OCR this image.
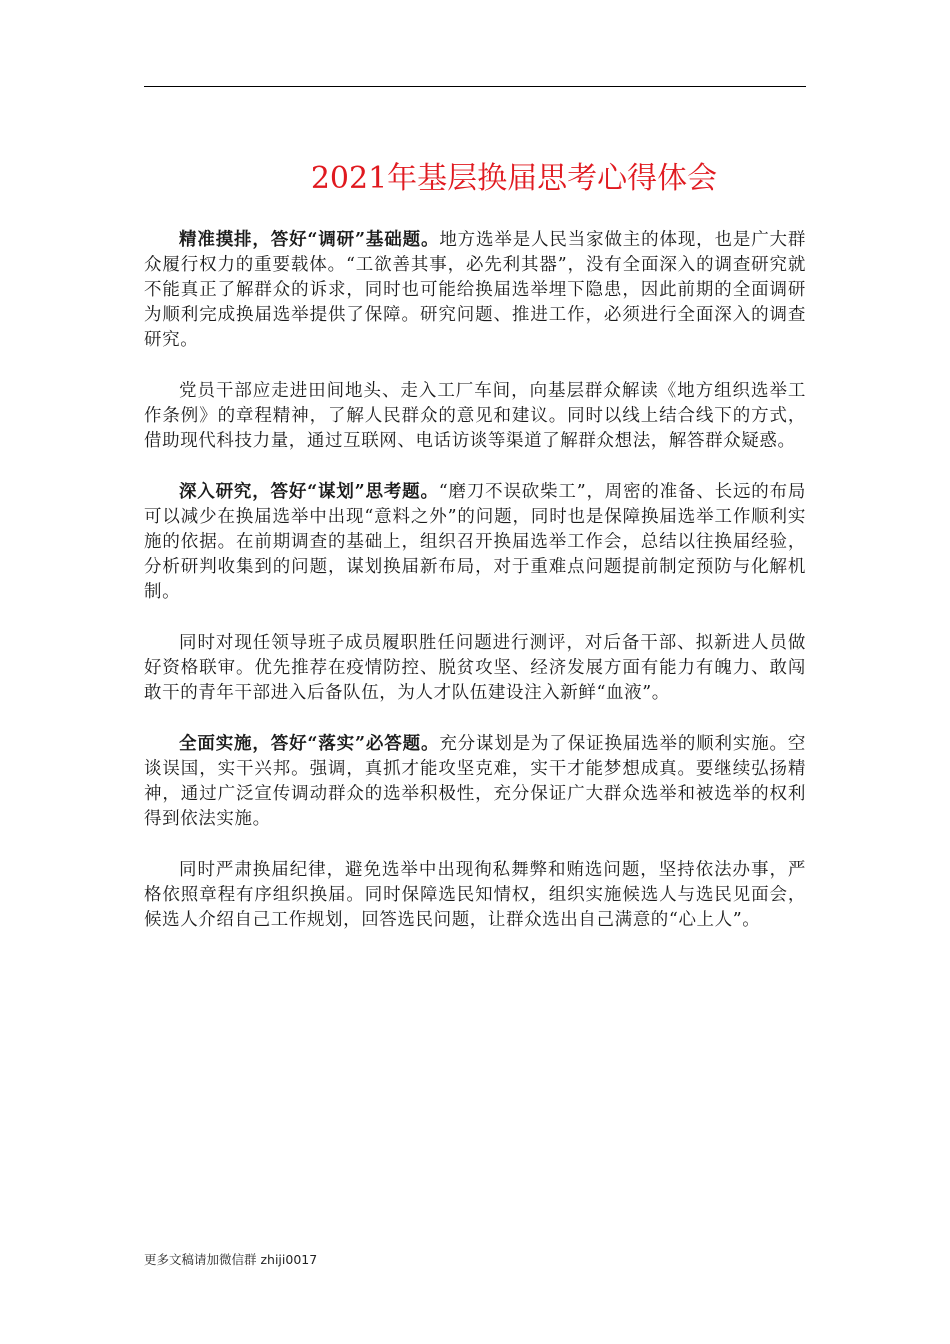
2021年基层换届思考心得体会

精准摸排，答好“调研”基础题。地方选举是人民当家做主的体现，也是广大群众履行权力的重要载体。“工欲善其事，必先利其器”，没有全面深入的调查研究就不能真正了解群众的诉求，同时也可能给换届选举埋下隐患，因此前期的全面调研为顺利完成换届选举提供了保障。研究问题、推进工作，必须进行全面深入的调查研究。

党员干部应走进田间地头、走入工厂车间，向基层群众解读《地方组织选举工作条例》的章程精神，了解人民群众的意见和建议。同时以线上结合线下的方式，借助现代科技力量，通过互联网、电话访谈等渠道了解群众想法，解答群众疑惑。

深入研究，答好“谋划”思考题。“磨刀不误砍柴工”，周密的准备、长远的布局可以减少在换届选举中出现“意料之外”的问题，同时也是保障换届选举工作顺利实施的依据。在前期调查的基础上，组织召开换届选举工作会，总结以往换届经验，分析研判收集到的问题，谋划换届新布局，对于重难点问题提前制定预防与化解机制。

同时对现任领导班子成员履职胜任问题进行测评，对后备干部、拟新进人员做好资格联审。优先推荐在疫情防控、脱贫攻坚、经济发展方面有能力有魄力、敢闯敢干的青年干部进入后备队伍，为人才队伍建设注入新鲜“血液”。

全面实施，答好“落实”必答题。充分谋划是为了保证换届选举的顺利实施。空谈误国，实干兴邦。强调，真抓才能攻坚克难，实干才能梦想成真。要继续弘扬精神，通过广泛宣传调动群众的选举积极性，充分保证广大群众选举和被选举的权利得到依法实施。

同时严肃换届纪律，避免选举中出现徇私舞弊和贿选问题，坚持依法办事，严格依照章程有序组织换届。同时保障选民知情权，组织实施候选人与选民见面会，候选人介绍自己工作规划，回答选民问题，让群众选出自己满意的“心上人”。

更多文稿请加微信群 zhiji0017
